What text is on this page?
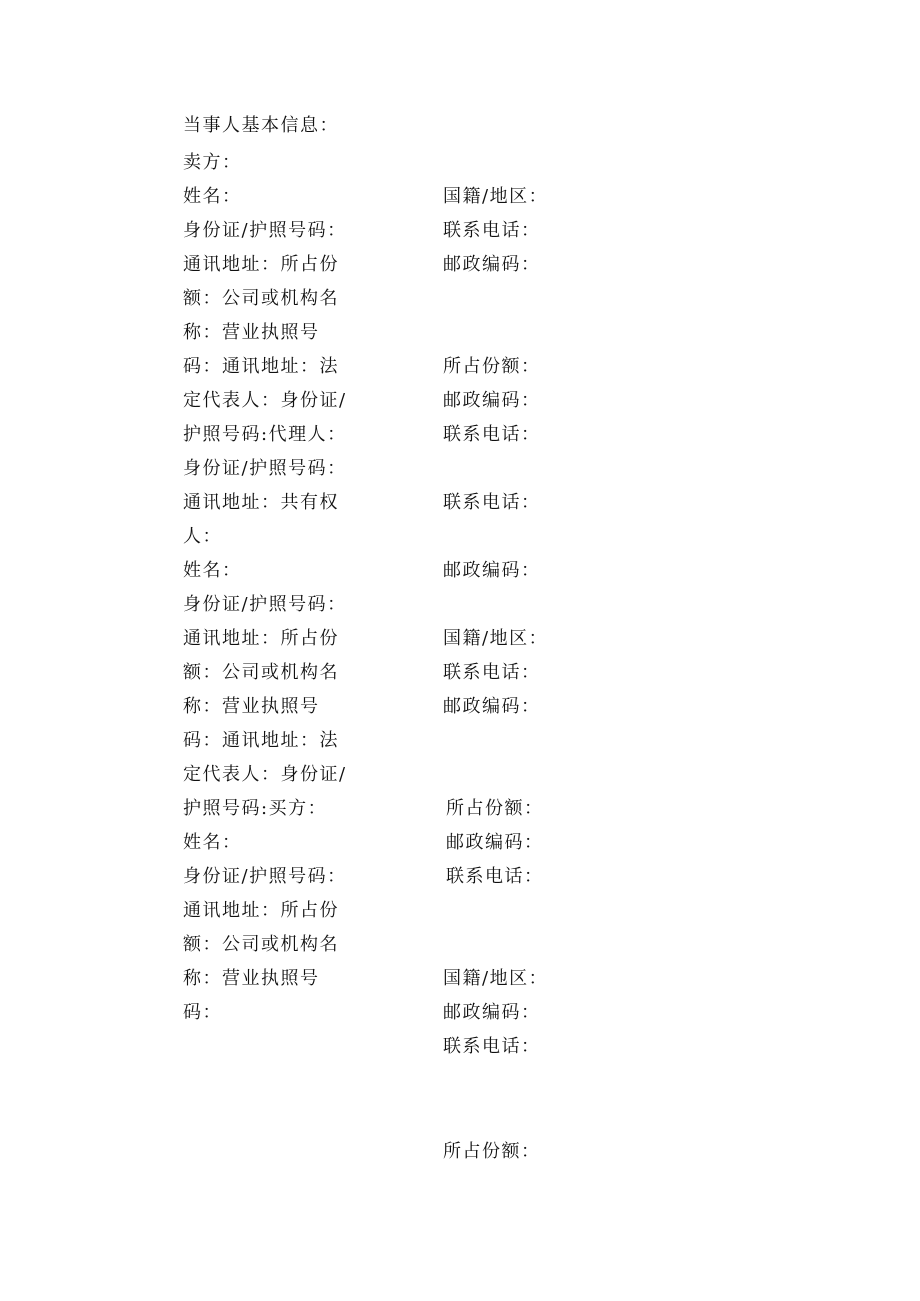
当事人基本信息：
卖方：
姓名：
身份证/护照号码：
通讯地址：所占份
额：公司或机构名
称：营业执照号
码：通讯地址：法
定代表人：身份证/
护照号码:代理人：
身份证/护照号码：
通讯地址：共有权
人：
姓名：
身份证/护照号码：
通讯地址：所占份
额：公司或机构名
称：营业执照号
码：通讯地址：法
定代表人：身份证/
护照号码:买方：
姓名：
身份证/护照号码：
通讯地址：所占份
额：公司或机构名
称：营业执照号
码：
国籍/地区：
联系电话：
邮政编码：
所占份额：
邮政编码：
联系电话：
联系电话：
邮政编码：
国籍/地区：
联系电话：
邮政编码：
所占份额：
邮政编码：
联系电话：
国籍/地区：
邮政编码：
联系电话：
所占份额：
